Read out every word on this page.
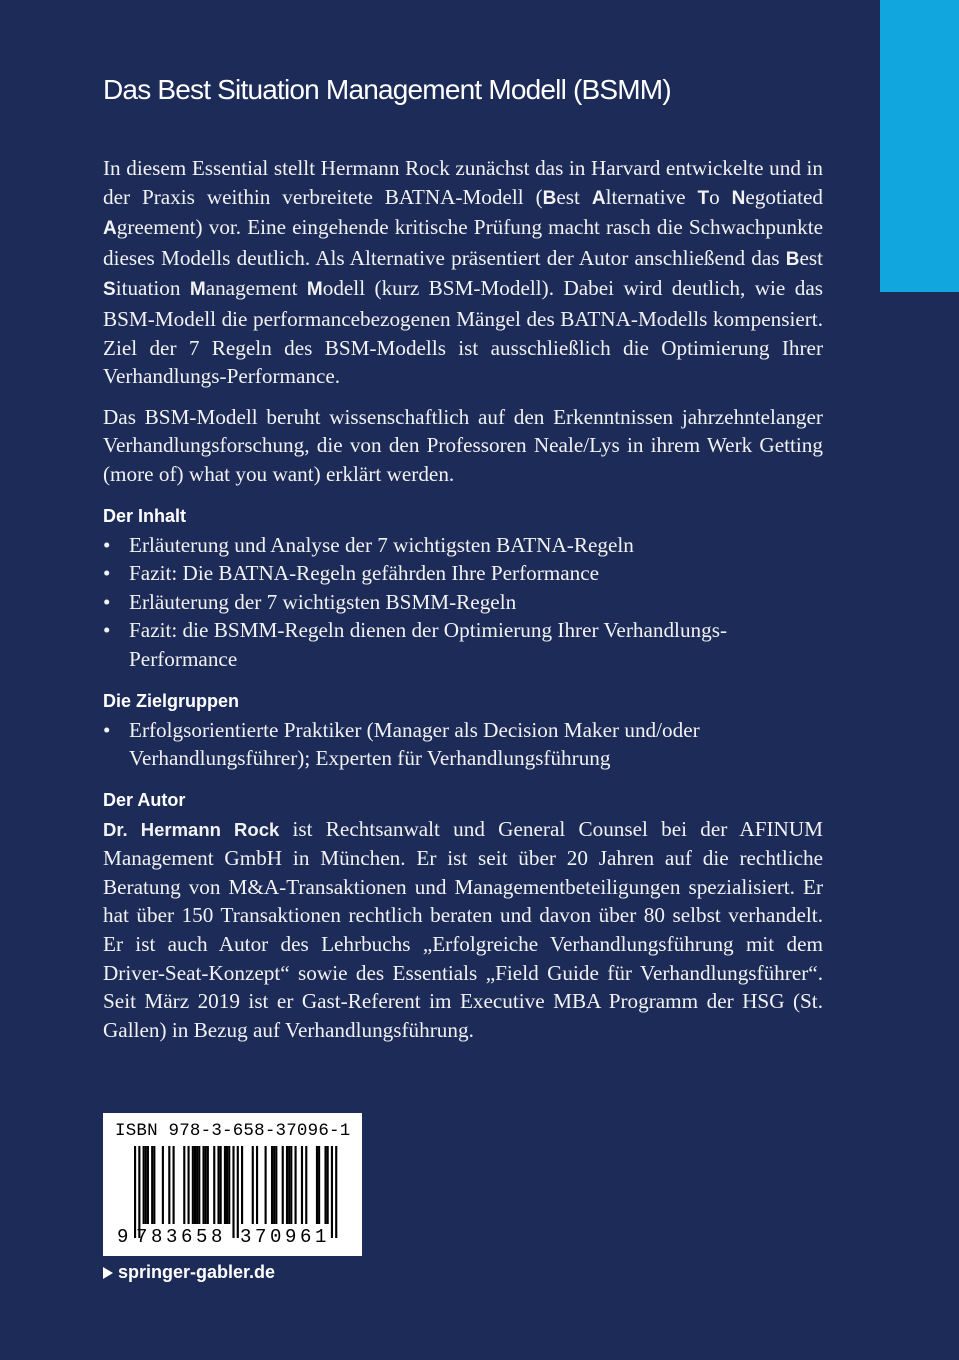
Das Best Situation Management Modell (BSMM)

In diesem Essential stellt Hermann Rock zunächst das in Harvard entwickelte und in der Praxis weithin verbreitete BATNA-Modell (Best Alternative To Negotiated Agreement) vor. Eine eingehende kritische Prüfung macht rasch die Schwachpunkte dieses Modells deutlich. Als Alternative präsentiert der Autor anschließend das Best Situation Management Modell (kurz BSM-Modell). Dabei wird deutlich, wie das BSM-Modell die performancebezogenen Mängel des BATNA-Modells kompensiert. Ziel der 7 Regeln des BSM-Modells ist ausschließlich die Optimierung Ihrer Verhandlungs-Performance.

Das BSM-Modell beruht wissenschaftlich auf den Erkenntnissen jahrzehntelanger Verhandlungsforschung, die von den Professoren Neale/Lys in ihrem Werk Getting (more of) what you want) erklärt werden.

Der Inhalt
• Erläuterung und Analyse der 7 wichtigsten BATNA-Regeln
• Fazit: Die BATNA-Regeln gefährden Ihre Performance
• Erläuterung der 7 wichtigsten BSMM-Regeln
• Fazit: die BSMM-Regeln dienen der Optimierung Ihrer Verhandlungs-Performance
Die Zielgruppen
• Erfolgsorientierte Praktiker (Manager als Decision Maker und/oder Verhandlungsführer); Experten für Verhandlungsführung
Der Autor

Dr. Hermann Rock ist Rechtsanwalt und General Counsel bei der AFINUM Management GmbH in München. Er ist seit über 20 Jahren auf die rechtliche Beratung von M&A-Transaktionen und Managementbeteiligungen spezialisiert. Er hat über 150 Transaktionen rechtlich beraten und davon über 80 selbst verhandelt. Er ist auch Autor des Lehrbuchs „Erfolgreiche Verhandlungsführung mit dem Driver-Seat-Konzept“ sowie des Essentials „Field Guide für Verhandlungsführer“. Seit März 2019 ist er Gast-Referent im Executive MBA Programm der HSG (St. Gallen) in Bezug auf Verhandlungsführung.

ISBN 978-3-658-37096-1
9 783658 370961
springer-gabler.de
